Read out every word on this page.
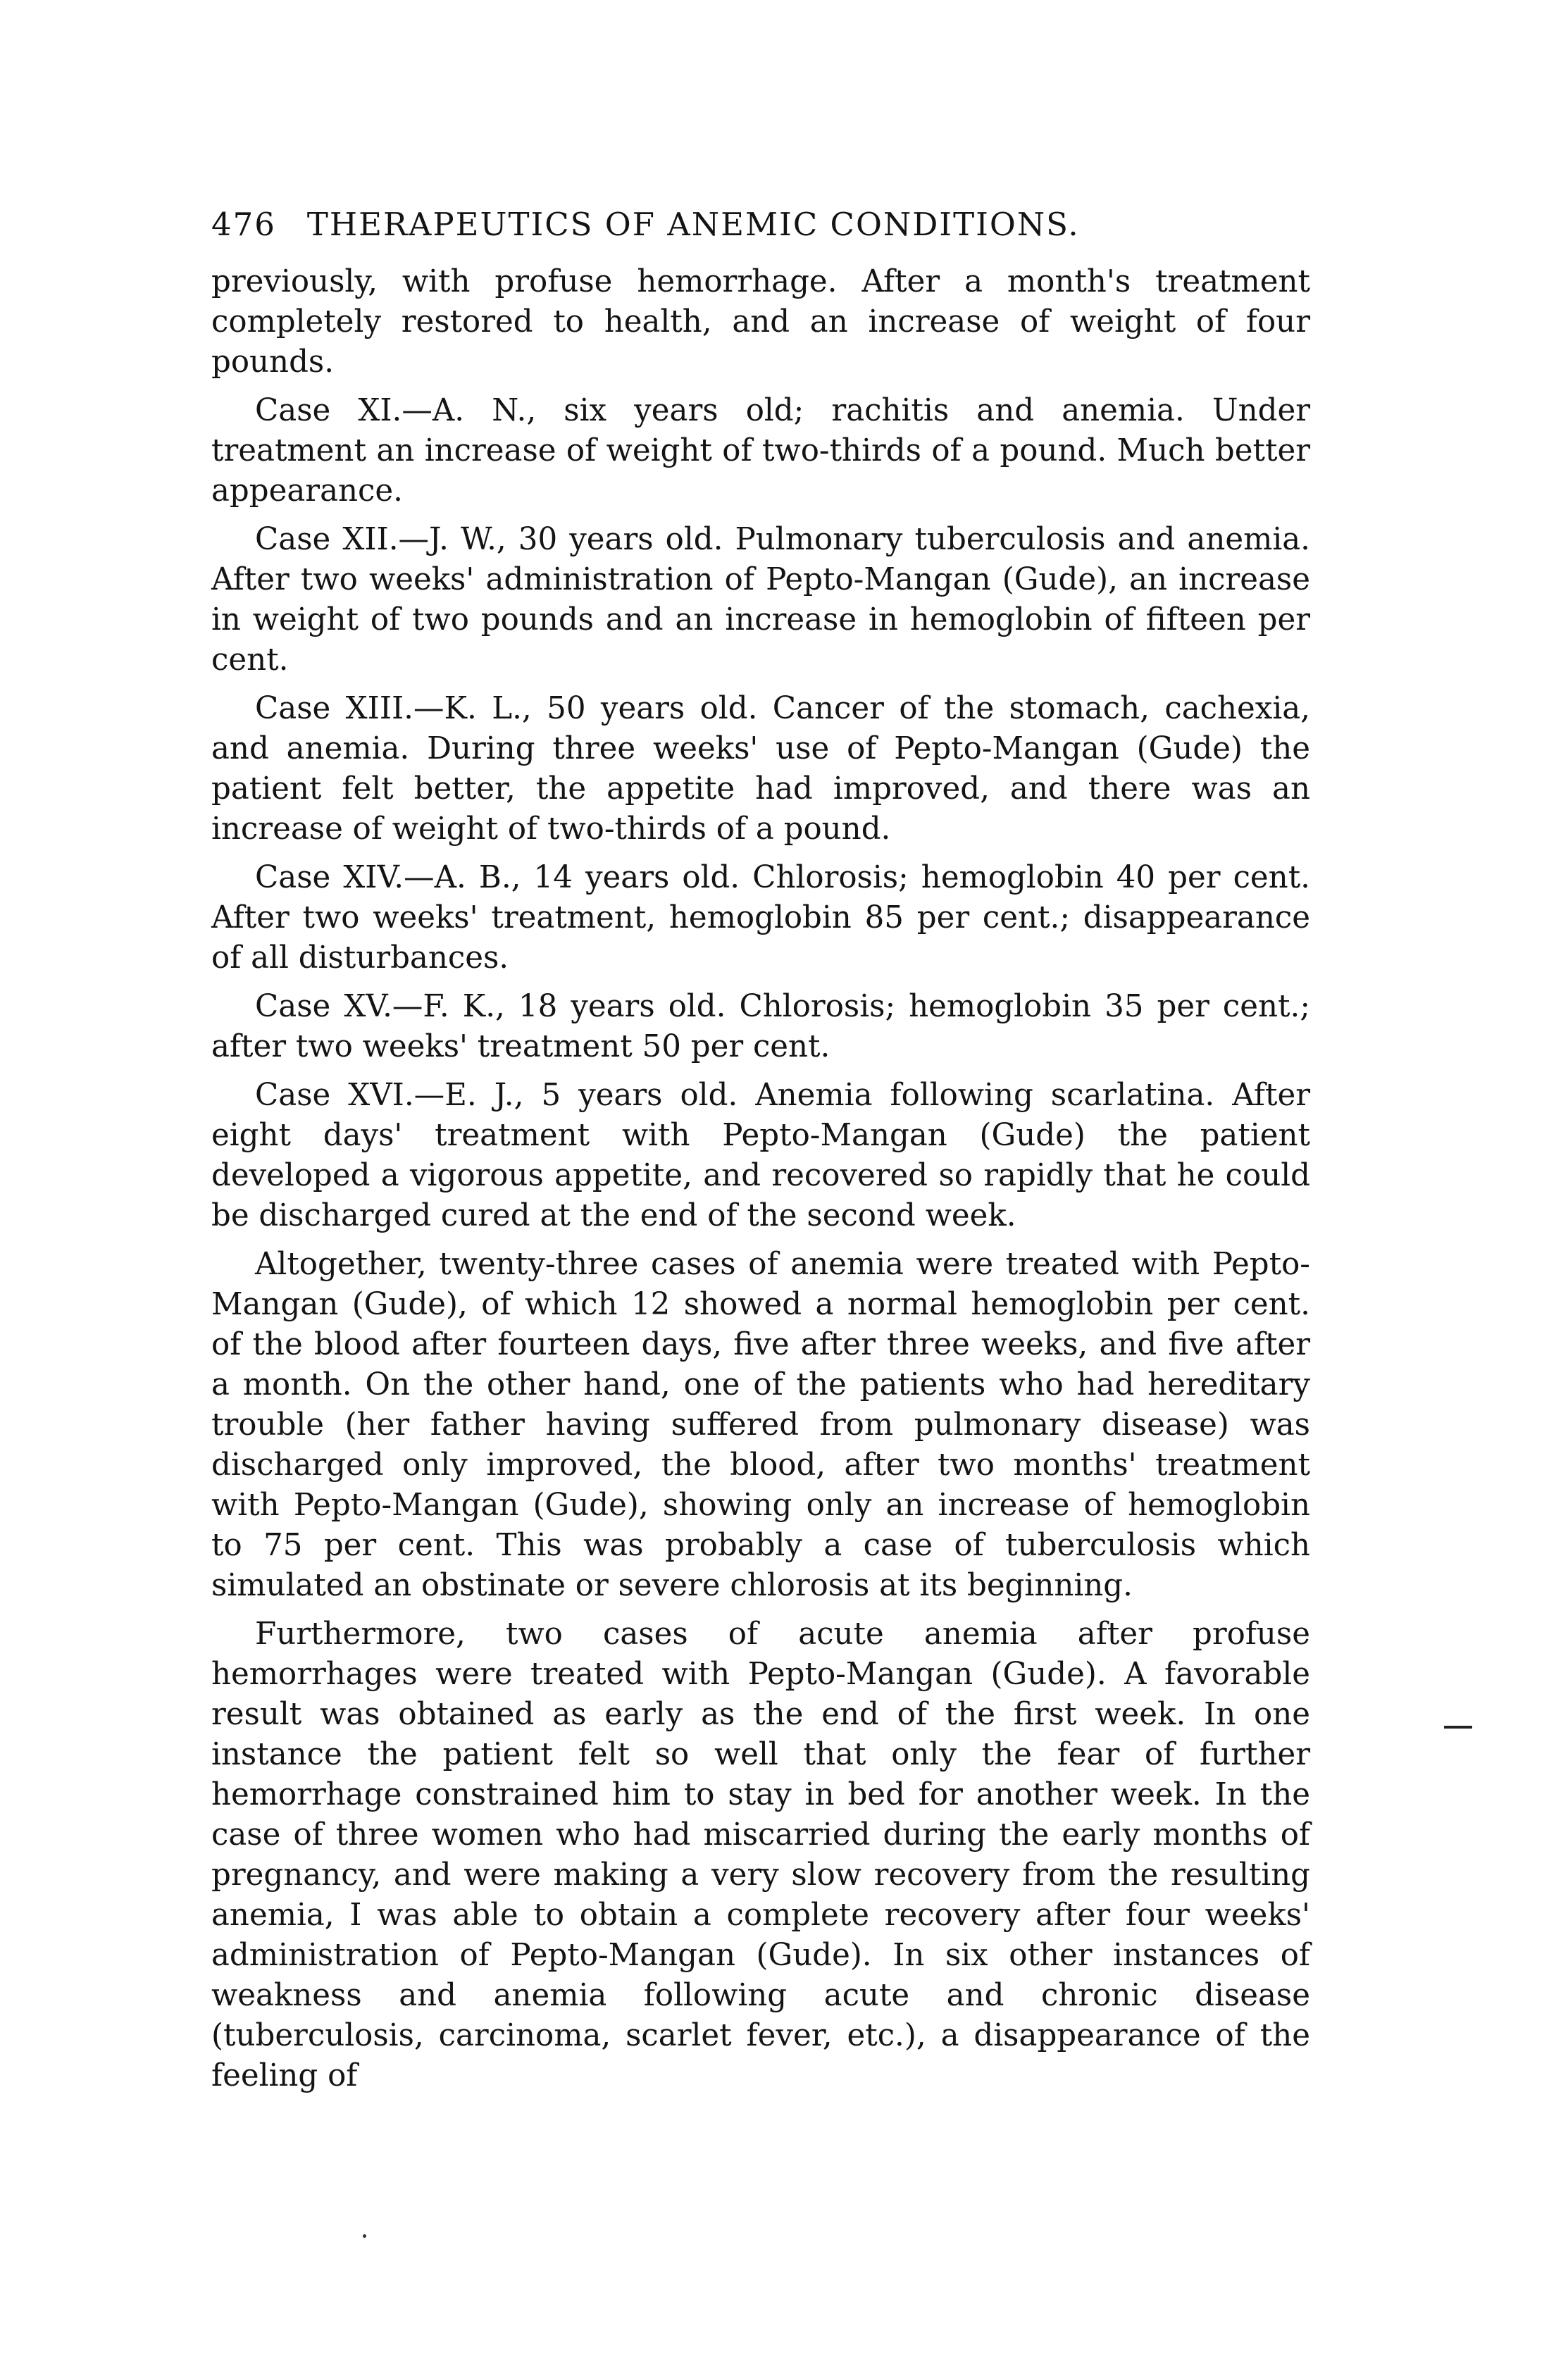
476 THERAPEUTICS OF ANEMIC CONDITIONS.

previously, with profuse hemorrhage. After a month's treatment completely restored to health, and an increase of weight of four pounds.

Case XI.—A. N., six years old; rachitis and anemia. Under treatment an increase of weight of two-thirds of a pound. Much better appearance.

Case XII.—J. W., 30 years old. Pulmonary tuberculosis and anemia. After two weeks' administration of Pepto-Mangan (Gude), an increase in weight of two pounds and an increase in hemoglobin of fifteen per cent.

Case XIII.—K. L., 50 years old. Cancer of the stomach, cachexia, and anemia. During three weeks' use of Pepto-Mangan (Gude) the patient felt better, the appetite had improved, and there was an increase of weight of two-thirds of a pound.

Case XIV.—A. B., 14 years old. Chlorosis; hemoglobin 40 per cent. After two weeks' treatment, hemoglobin 85 per cent.; disappearance of all disturbances.

Case XV.—F. K., 18 years old. Chlorosis; hemoglobin 35 per cent.; after two weeks' treatment 50 per cent.

Case XVI.—E. J., 5 years old. Anemia following scarlatina. After eight days' treatment with Pepto-Mangan (Gude) the patient developed a vigorous appetite, and recovered so rapidly that he could be discharged cured at the end of the second week.

Altogether, twenty-three cases of anemia were treated with Pepto-Mangan (Gude), of which 12 showed a normal hemoglobin per cent. of the blood after fourteen days, five after three weeks, and five after a month. On the other hand, one of the patients who had hereditary trouble (her father having suffered from pulmonary disease) was discharged only improved, the blood, after two months' treatment with Pepto-Mangan (Gude), showing only an increase of hemoglobin to 75 per cent. This was probably a case of tuberculosis which simulated an obstinate or severe chlorosis at its beginning.

Furthermore, two cases of acute anemia after profuse hemorrhages were treated with Pepto-Mangan (Gude). A favorable result was obtained as early as the end of the first week. In one instance the patient felt so well that only the fear of further hemorrhage constrained him to stay in bed for another week. In the case of three women who had miscarried during the early months of pregnancy, and were making a very slow recovery from the resulting anemia, I was able to obtain a complete recovery after four weeks' administration of Pepto-Mangan (Gude). In six other instances of weakness and anemia following acute and chronic disease (tuberculosis, carcinoma, scarlet fever, etc.), a disappearance of the feeling of
